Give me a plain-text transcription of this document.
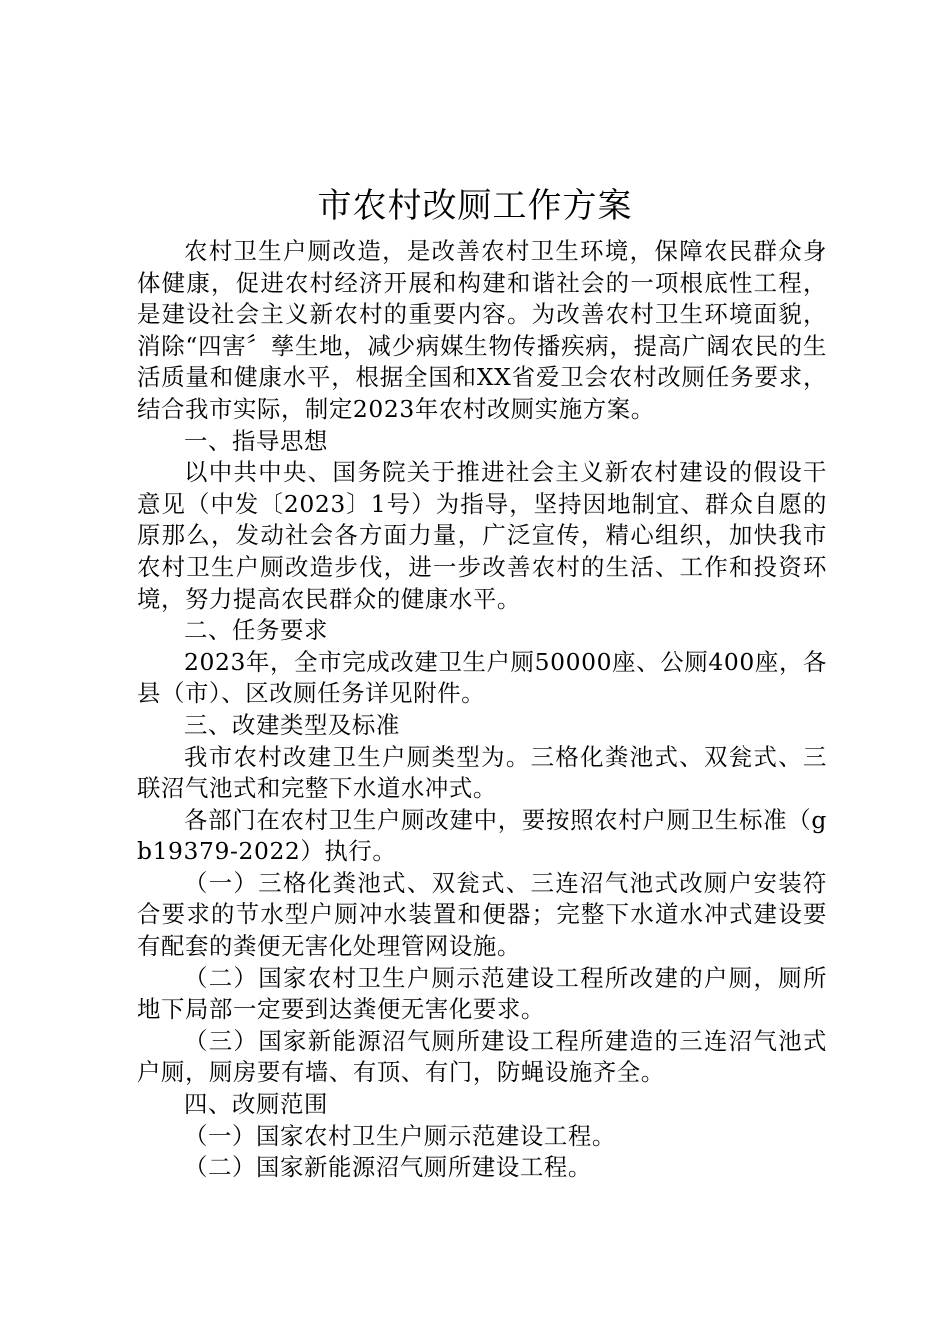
市农村改厕工作方案

农村卫生户厕改造，是改善农村卫生环境，保障农民群众身体健康，促进农村经济开展和构建和谐社会的一项根底性工程，是建设社会主义新农村的重要内容。为改善农村卫生环境面貌，消除“四害〞孳生地，减少病媒生物传播疾病，提高广阔农民的生活质量和健康水平，根据全国和XX省爱卫会农村改厕任务要求，结合我市实际，制定2023年农村改厕实施方案。

一、指导思想

以中共中央、国务院关于推进社会主义新农村建设的假设干意见（中发〔2023〕1号）为指导，坚持因地制宜、群众自愿的原那么，发动社会各方面力量，广泛宣传，精心组织，加快我市农村卫生户厕改造步伐，进一步改善农村的生活、工作和投资环境，努力提高农民群众的健康水平。

二、任务要求

2023年，全市完成改建卫生户厕50000座、公厕400座，各县（市）、区改厕任务详见附件。

三、改建类型及标准

我市农村改建卫生户厕类型为。三格化粪池式、双瓮式、三联沼气池式和完整下水道水冲式。

各部门在农村卫生户厕改建中，要按照农村户厕卫生标准（gb19379-2022）执行。

（一）三格化粪池式、双瓮式、三连沼气池式改厕户安装符合要求的节水型户厕冲水装置和便器；完整下水道水冲式建设要有配套的粪便无害化处理管网设施。

（二）国家农村卫生户厕示范建设工程所改建的户厕，厕所地下局部一定要到达粪便无害化要求。

（三）国家新能源沼气厕所建设工程所建造的三连沼气池式户厕，厕房要有墙、有顶、有门，防蝇设施齐全。

四、改厕范围

（一）国家农村卫生户厕示范建设工程。

（二）国家新能源沼气厕所建设工程。
